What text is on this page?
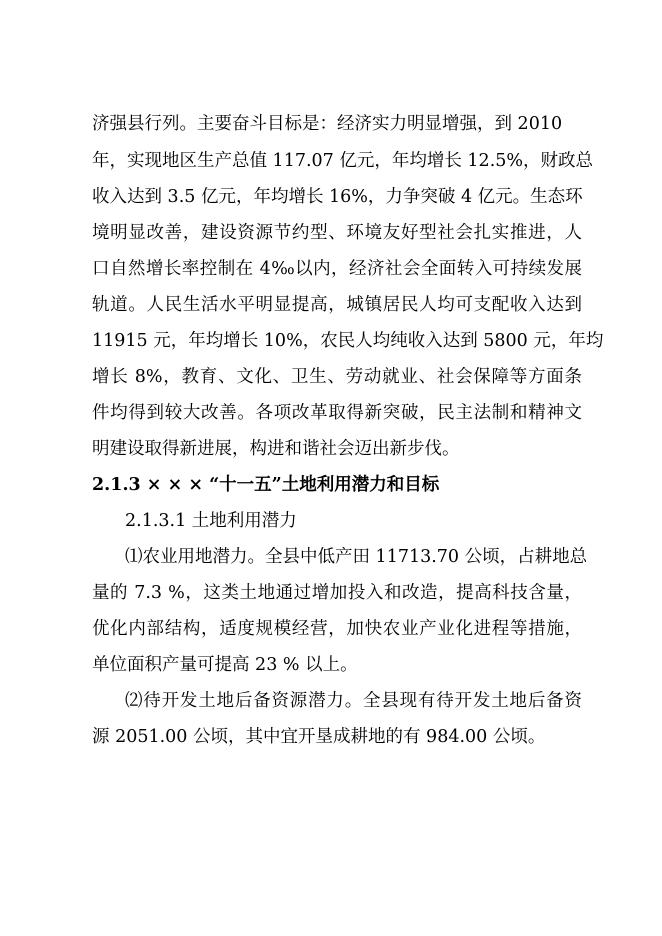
济强县行列。主要奋斗目标是：经济实力明显增强，到 2010
年，实现地区生产总值 117.07 亿元，年均增长 12.5%，财政总
收入达到 3.5 亿元，年均增长 16%，力争突破 4 亿元。生态环
境明显改善，建设资源节约型、环境友好型社会扎实推进，人
口自然增长率控制在 4‰以内，经济社会全面转入可持续发展
轨道。人民生活水平明显提高，城镇居民人均可支配收入达到
11915 元，年均增长 10%，农民人均纯收入达到 5800 元，年均
增长 8%，教育、文化、卫生、劳动就业、社会保障等方面条
件均得到较大改善。各项改革取得新突破，民主法制和精神文
明建设取得新进展，构进和谐社会迈出新步伐。
2.1.3 × × × “十一五”土地利用潜力和目标
2.1.3.1 土地利用潜力
⑴农业用地潜力。全县中低产田 11713.70 公顷，占耕地总
量的 7.3 %，这类土地通过增加投入和改造，提高科技含量，
优化内部结构，适度规模经营，加快农业产业化进程等措施，
单位面积产量可提高 23 % 以上。
⑵待开发土地后备资源潜力。全县现有待开发土地后备资
源 2051.00 公顷，其中宜开垦成耕地的有 984.00 公顷。
